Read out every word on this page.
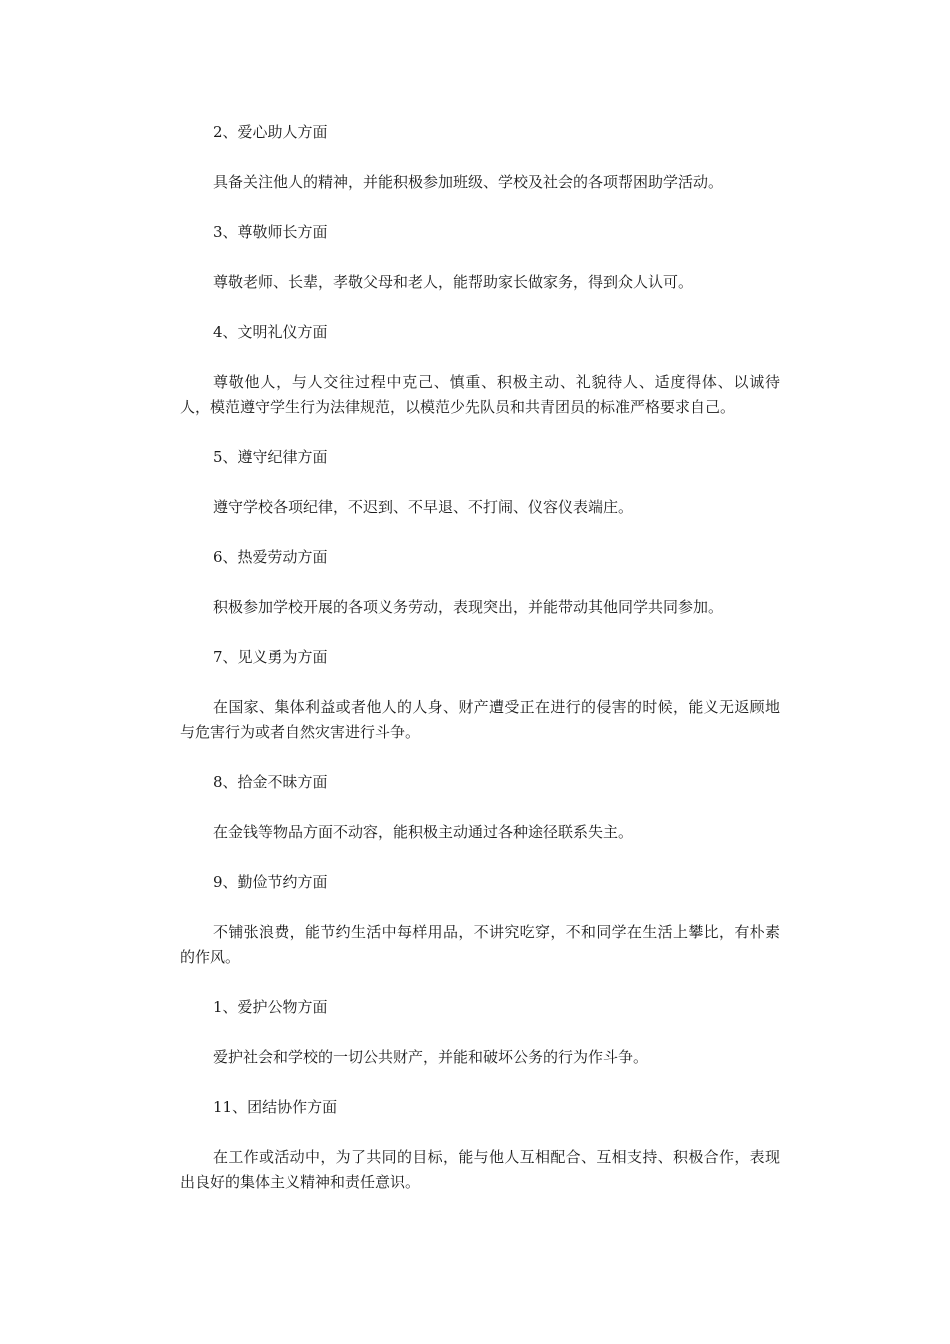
2、爱心助人方面
具备关注他人的精神，并能积极参加班级、学校及社会的各项帮困助学活动。
3、尊敬师长方面
尊敬老师、长辈，孝敬父母和老人，能帮助家长做家务，得到众人认可。
4、文明礼仪方面
尊敬他人，与人交往过程中克己、慎重、积极主动、礼貌待人、适度得体、以诚待人，模范遵守学生行为法律规范，以模范少先队员和共青团员的标准严格要求自己。
5、遵守纪律方面
遵守学校各项纪律，不迟到、不早退、不打闹、仪容仪表端庄。
6、热爱劳动方面
积极参加学校开展的各项义务劳动，表现突出，并能带动其他同学共同参加。
7、见义勇为方面
在国家、集体利益或者他人的人身、财产遭受正在进行的侵害的时候，能义无返顾地与危害行为或者自然灾害进行斗争。
8、拾金不昧方面
在金钱等物品方面不动容，能积极主动通过各种途径联系失主。
9、勤俭节约方面
不铺张浪费，能节约生活中每样用品，不讲究吃穿，不和同学在生活上攀比，有朴素的作风。
1、爱护公物方面
爱护社会和学校的一切公共财产，并能和破坏公务的行为作斗争。
11、团结协作方面
在工作或活动中，为了共同的目标，能与他人互相配合、互相支持、积极合作，表现出良好的集体主义精神和责任意识。
